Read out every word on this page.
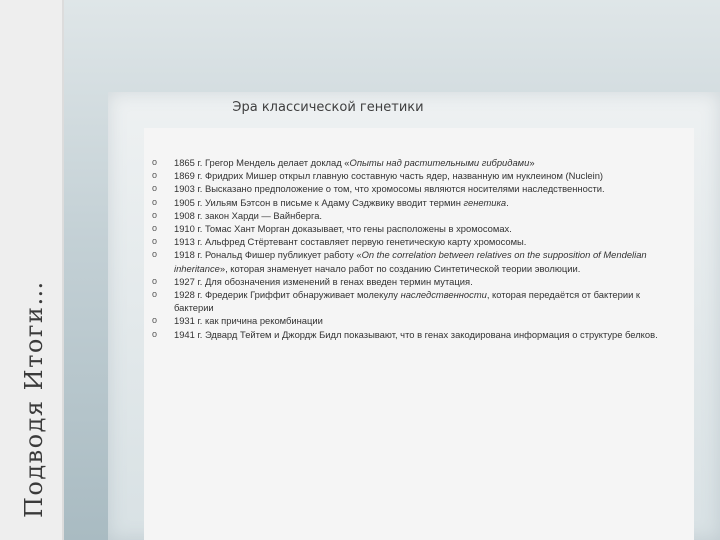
Подводя Итоги…
Эра классической генетики
o	1865 г. Грегор Мендель делает доклад «Опыты над растительными гибридами»
o	1869 г. Фридрих Мишер открыл главную составную часть ядер, названную им нуклеином (Nuclein)
o	1903 г. Высказано предположение о том, что хромосомы являются носителями наследственности.
o	1905 г. Уильям Бэтсон в письме к Адаму Сэджвику вводит термин генетика.
o	1908 г. закон Харди — Вайнберга.
o	1910 г. Томас Хант Морган доказывает, что гены расположены в хромосомах.
o	1913 г. Альфред Стёртевант составляет первую генетическую карту хромосомы.
o	1918 г. Рональд Фишер публикует работу «On the correlation between relatives on the supposition of Mendelian inheritance», которая знаменует начало работ по созданию Синтетической теории эволюции.
o	1927 г. Для обозначения изменений в генах введен термин мутация.
o	1928 г. Фредерик Гриффит обнаруживает молекулу наследственности, которая передаётся от бактерии к бактерии
o	1931 г. как причина рекомбинации
o	1941 г. Эдвард Тейтем и Джордж Бидл показывают, что в генах закодирована информация о структуре белков.
